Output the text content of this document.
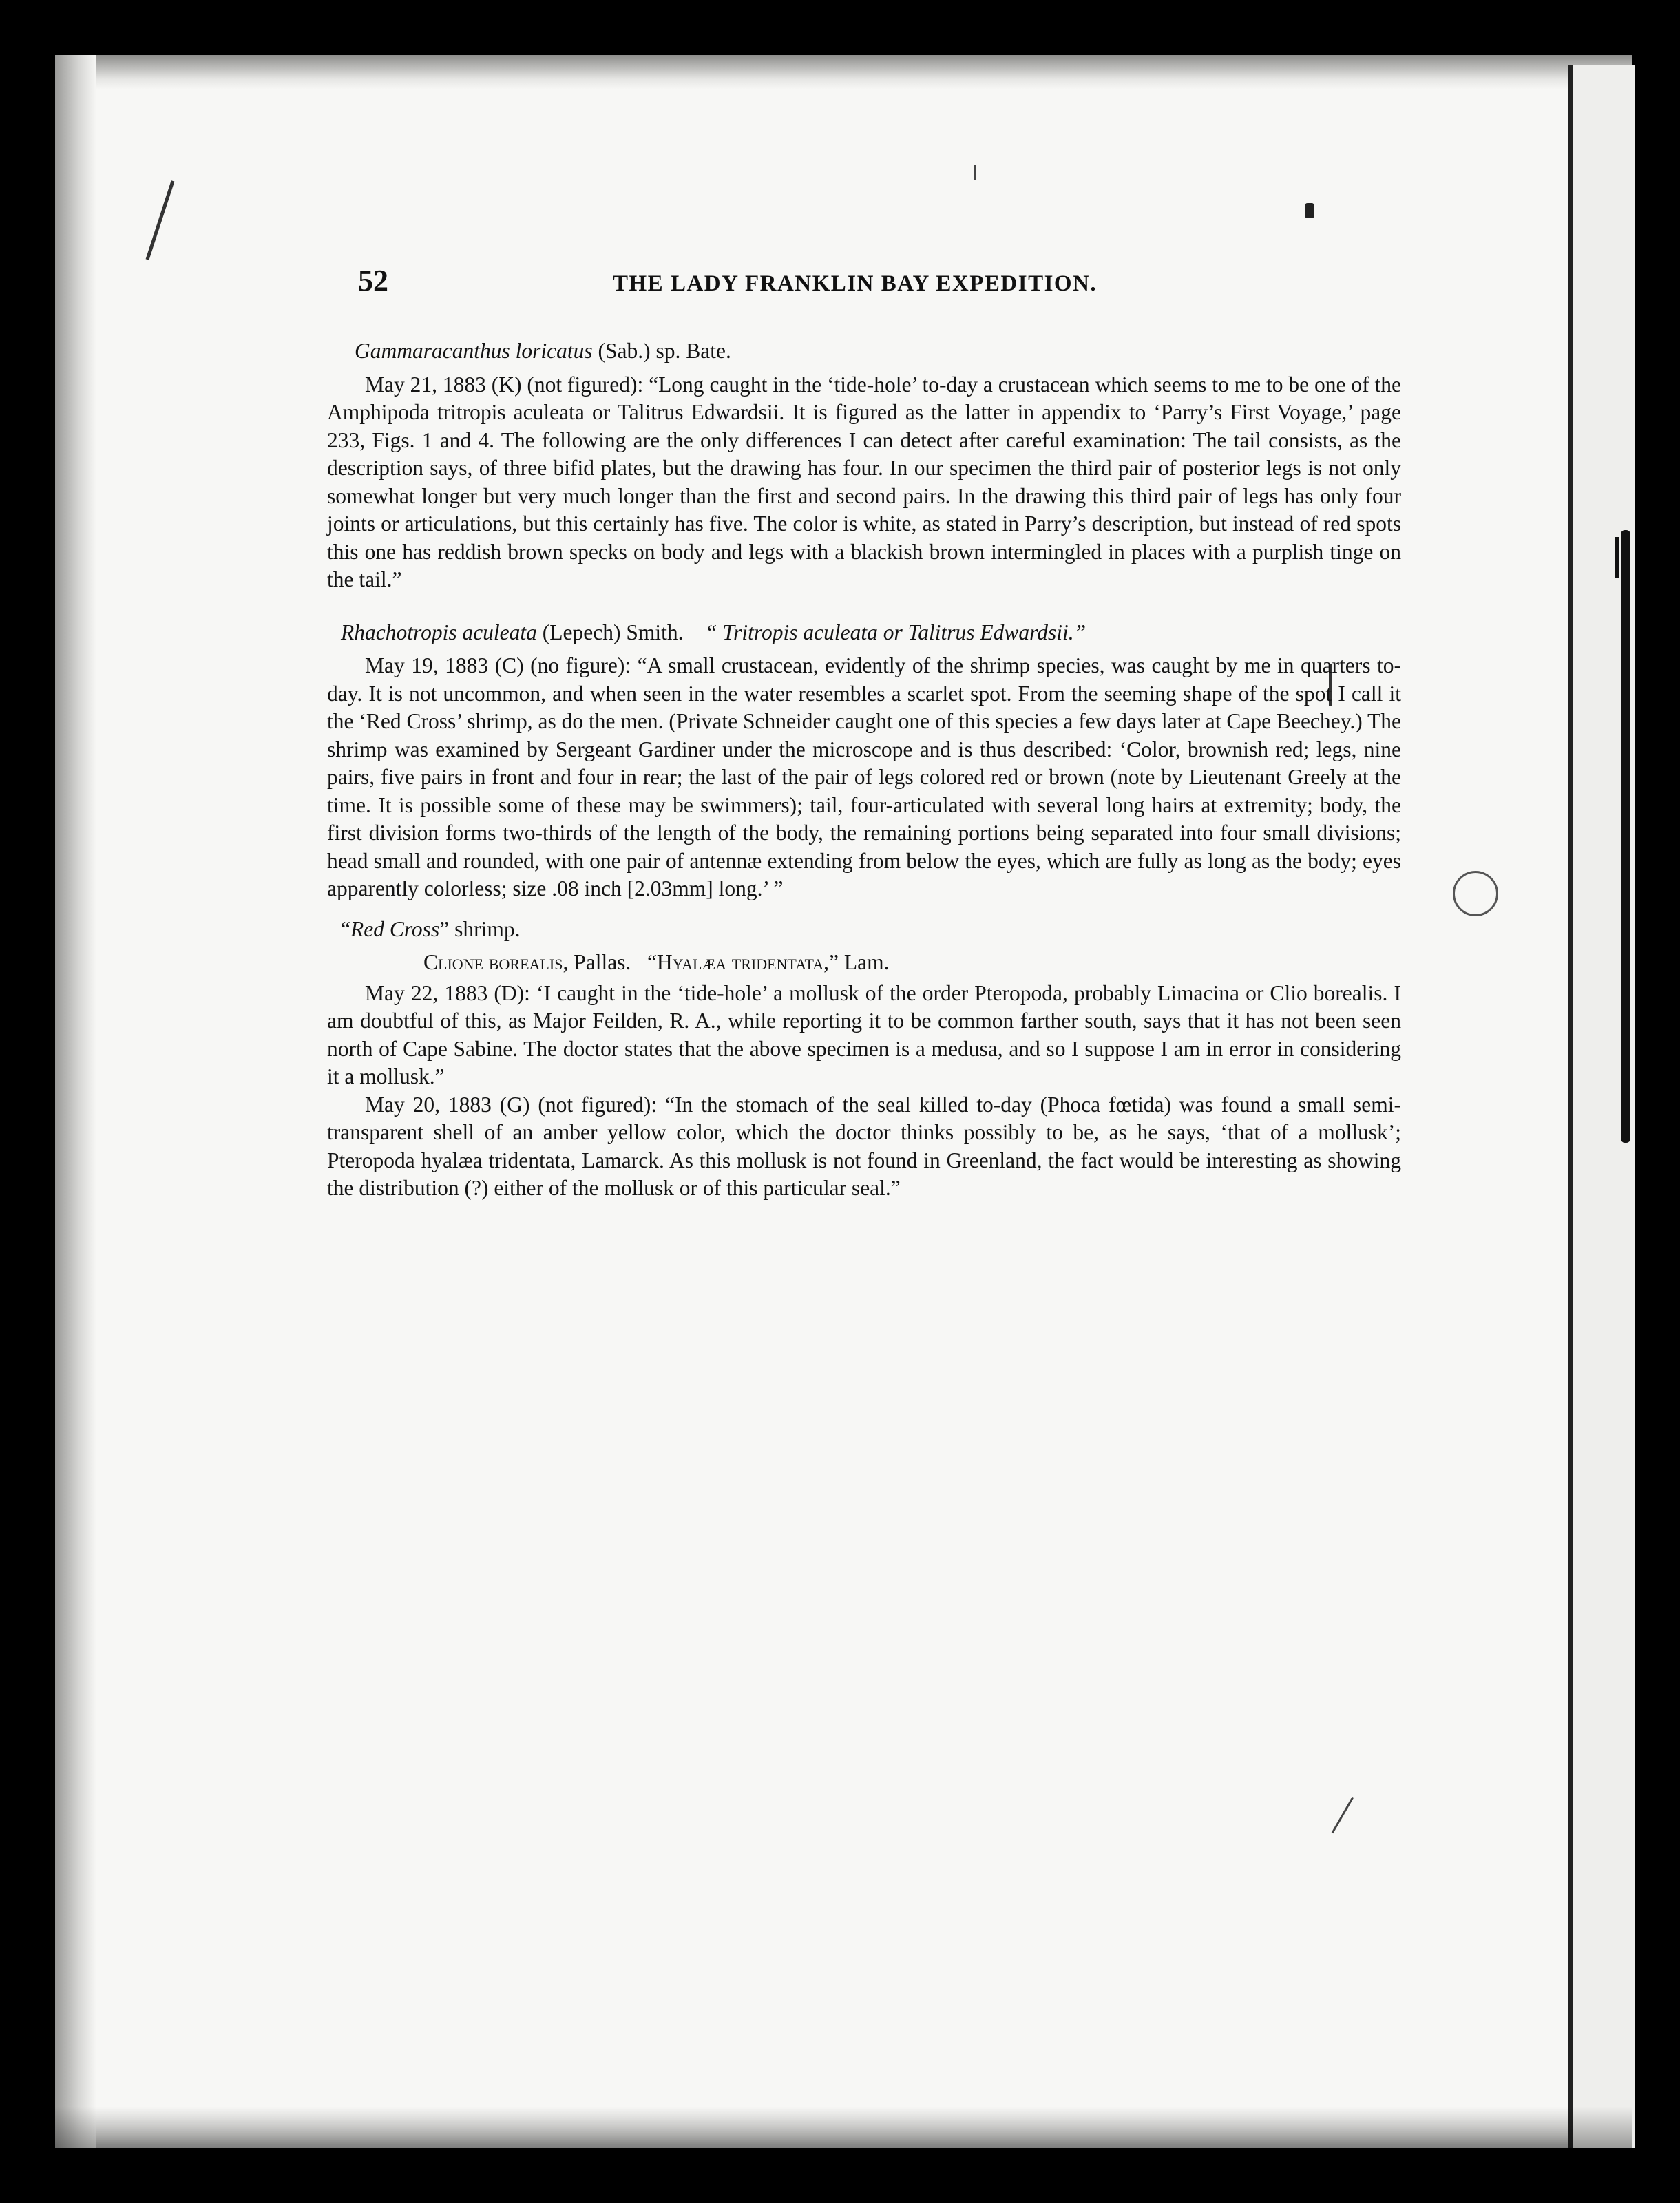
52	THE LADY FRANKLIN BAY EXPEDITION.
Gammaracanthus loricatus (Sab.) sp. Bate.

May 21, 1883 (K) (not figured): “Long caught in the ‘tide-hole’ to-day a crustacean which seems to me to be one of the Amphipoda tritropis aculeata or Talitrus Edwardsii. It is figured as the latter in appendix to ‘Parry’s First Voyage,’ page 233, Figs. 1 and 4. The following are the only differences I can detect after careful examination: The tail consists, as the description says, of three bifid plates, but the drawing has four. In our specimen the third pair of posterior legs is not only somewhat longer but very much longer than the first and second pairs. In the drawing this third pair of legs has only four joints or articulations, but this certainly has five. The color is white, as stated in Parry’s description, but instead of red spots this one has reddish brown specks on body and legs with a blackish brown intermingled in places with a purplish tinge on the tail.”

Rhachotropis aculeata (Lepech) Smith. “ Tritropis aculeata or Talitrus Edwardsii.”

May 19, 1883 (C) (no figure): “A small crustacean, evidently of the shrimp species, was caught by me in quarters to-day. It is not uncommon, and when seen in the water resembles a scarlet spot. From the seeming shape of the spot I call it the ‘Red Cross’ shrimp, as do the men. (Private Schneider caught one of this species a few days later at Cape Beechey.) The shrimp was examined by Sergeant Gardiner under the microscope and is thus described: ‘Color, brownish red; legs, nine pairs, five pairs in front and four in rear; the last of the pair of legs colored red or brown (note by Lieutenant Greely at the time. It is possible some of these may be swimmers); tail, four-articulated with several long hairs at extremity; body, the first division forms two-thirds of the length of the body, the remaining portions being separated into four small divisions; head small and rounded, with one pair of antennæ extending from below the eyes, which are fully as long as the body; eyes apparently colorless; size .08 inch [2.03mm] long.’ ”

“Red Cross” shrimp.
Clione borealis, Pallas. “Hyalæa tridentata,” Lam.

May 22, 1883 (D): ‘I caught in the ‘tide-hole’ a mollusk of the order Pteropoda, probably Limacina or Clio borealis. I am doubtful of this, as Major Feilden, R. A., while reporting it to be common farther south, says that it has not been seen north of Cape Sabine. The doctor states that the above specimen is a medusa, and so I suppose I am in error in considering it a mollusk.”

May 20, 1883 (G) (not figured): “In the stomach of the seal killed to-day (Phoca fœtida) was found a small semi-transparent shell of an amber yellow color, which the doctor thinks possibly to be, as he says, ‘that of a mollusk’; Pteropoda hyalæa tridentata, Lamarck. As this mollusk is not found in Greenland, the fact would be interesting as showing the distribution (?) either of the mollusk or of this particular seal.”
